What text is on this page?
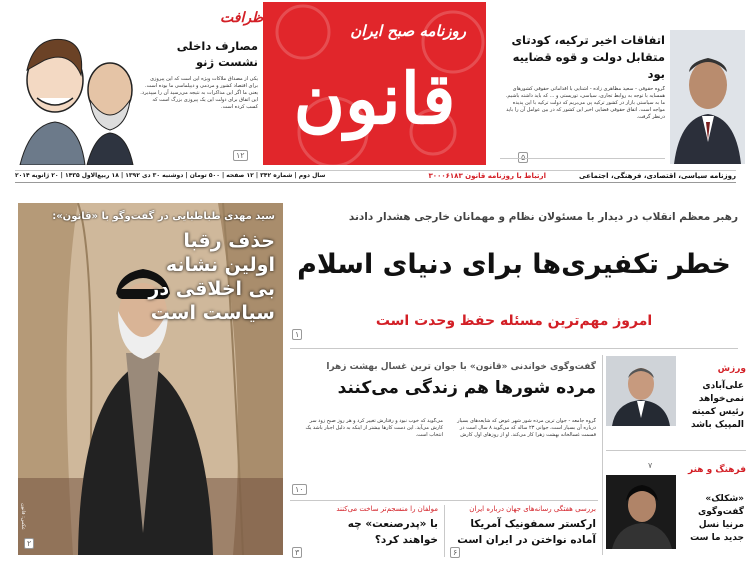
روزنامه صبح ایران
قانون
اتفاقات اخیر ترکیه، کودتای متقابل دولت و قوه قضاییه بود
گروه حقوقی - سعید مظاهری زاده - آشنایی با اقداماتی حقوقی کشورهای همسایه با توجه به روابط تجاری، سیاسی، توریستی و ... که باید داشته باشیم. ما به سیاستی بازار در کشور ترکیه پی می‌بریم که دولت ترکیه با این پدیده مواجه است. اتفاق حقوقی قضایی اخیر این کشور که در بین عوامل آن را باید درنظر گرفت.
ظرافت
مصارف داخلی نشست ژنو
یکی از مصداق ملاکات ویژه این است که این پیروزی برای اقتصاد کشور و مردمی و دیپلماسی ما بوده است. یعنی ما اگر این مذاکرات به نتیجه می‌رسید آن را میپذیرد. این اتفاق برای دولت این یک پیروزی بزرگ است که کسب کرده است.
۱۲
روزنامه سیاسی، اقتصادی، فرهنگی، اجتماعی
ارتباط با روزنامه قانون ۳۰۰۰۶۱۸۳
سال دوم | شماره ۳۴۲ | ۱۲ صفحه | ۵۰۰ تومان | دوشنبه ۳۰ دی ۱۳۹۲ | ۱۸ ربیع‌الاول ۱۴۳۵ | ۲۰ ژانویه ۲۰۱۴
سید مهدی طباطبایی در گفت‌وگو با «قانون»:
حذف رقبا اولین نشانه بی اخلاقی در سیاست است
۲
عکس: قانون
رهبر معظم انقلاب در دیدار با مسئولان نظام و مهمانان خارجی هشدار دادند
خطر تکفیری‌ها برای دنیای اسلام
امروز مهم‌ترین مسئله حفظ وحدت است
۱
گفت‌وگوی خواندنی «قانون» با جوان ترین غسال بهشت زهرا
مرده شورها هم زندگی می‌کنند
گروه جامعه - جوان ترین مرده شور شهر عوض که شایعه‌های بسیار درباره آن بسیار است، جوانی ۲۳ ساله که می‌گوید ۸ سال است در قسمت غسالخانه بهشت زهرا کار می‌کند. او از روزهای اول کارش می‌گوید که خوب نبود و رفتارش تغییر کرد و هر روز صبح زود سر کارش می‌آید. این دست کارها بیشتر از اینکه به دلیل اجبار باشد یک انتخاب است.
۱۰
بررسی هفتگی رسانه‌های جهان درباره ایران
ارکستر سمفونیک آمریکا آماده نواختن در ایران است
۶
مولفان را منسجم‌تر ساخت می‌کنند
با «پدرصنعت» چه خواهند کرد؟
۳
ورزش
علی‌آبادی نمی‌خواهد رئیس کمیته المپیک باشد
فرهنگ و هنر
۷
«شکلک» گفت‌وگوی مرنیا نسل جدید ما ست
